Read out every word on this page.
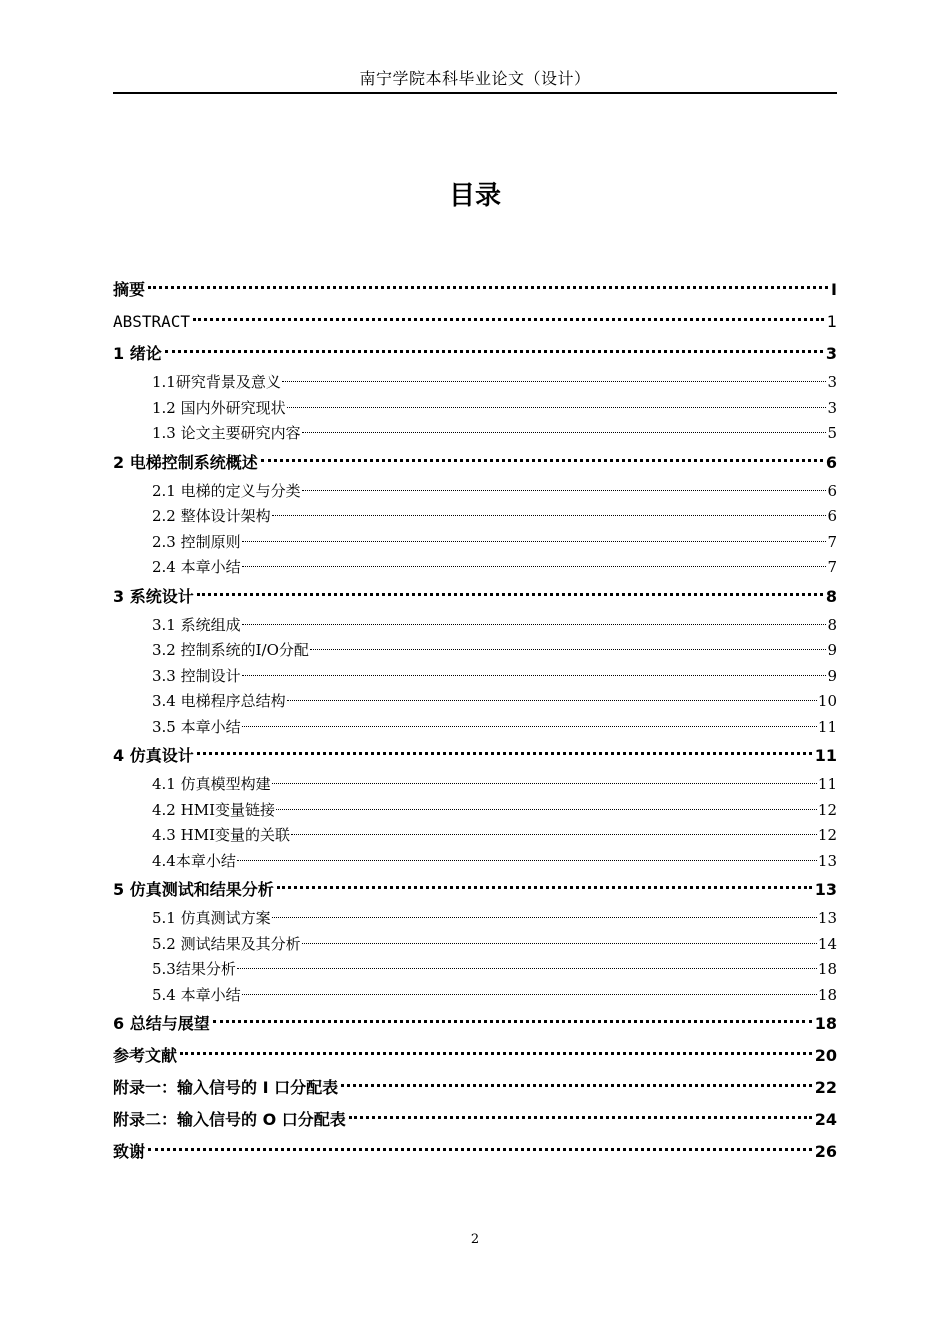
南宁学院本科毕业论文（设计）
目录
摘要	I
ABSTRACT	1
1 绪论	3
1.1研究背景及意义	3
1.2 国内外研究现状	3
1.3 论文主要研究内容	5
2 电梯控制系统概述	6
2.1 电梯的定义与分类	6
2.2 整体设计架构	6
2.3 控制原则	7
2.4 本章小结	7
3 系统设计	8
3.1 系统组成	8
3.2 控制系统的I/O分配	9
3.3 控制设计	9
3.4 电梯程序总结构	10
3.5 本章小结	11
4 仿真设计	11
4.1 仿真模型构建	11
4.2 HMI变量链接	12
4.3 HMI变量的关联	12
4.4本章小结	13
5 仿真测试和结果分析	13
5.1 仿真测试方案	13
5.2 测试结果及其分析	14
5.3结果分析	18
5.4 本章小结	18
6 总结与展望	18
参考文献	20
附录一：输入信号的 I 口分配表	22
附录二：输入信号的 O 口分配表	24
致谢	26
2
